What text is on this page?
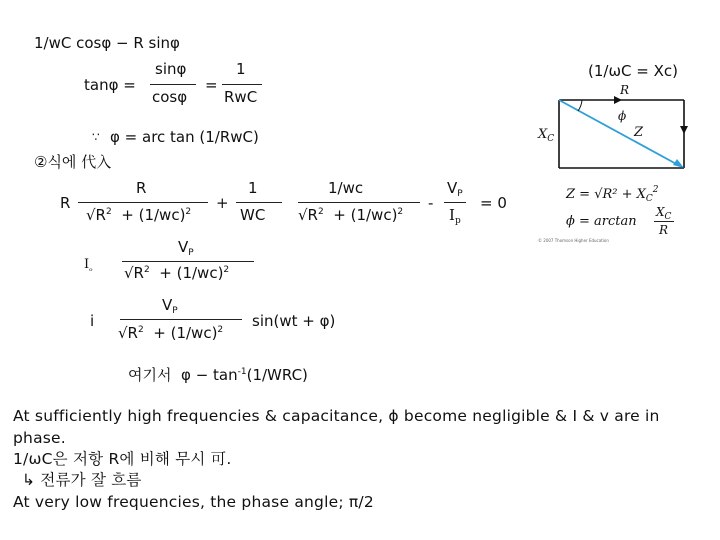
1/wC cosφ − R sinφ
tanφ =
sinφ
cosφ
=
1
RwC
∵ φ = arc tan (1/RwC)
②식에 代入
R
R
$√R^2 + (1/wc)^2$ +
1
WC
1/wc
$√R^2 + (1/wc)^2$ -
$V_P$
$I_p$
= 0
$I_{_o}$
$V_P$
$√R^2 + (1/wc)^2$
i
$V_P$
$√R^2 + (1/wc)^2$ sin(wt + φ)
여기서 $\varphi - \tan^{-1}(1/WRC)$
(1/ωC = Xc)
R
ϕ
Z
$X_C$
$Z = √R^2 + X_C^2$
ϕ = arctan
$X_C$
R
© 2007 Thomson Higher Education
At sufficiently high frequencies & capacitance, ϕ become negligible & I & v are in
phase.
1/ωC은 저항 R에 비해 무시 可.
↳ 전류가 잘 흐름
At very low frequencies, the phase angle; π/2
